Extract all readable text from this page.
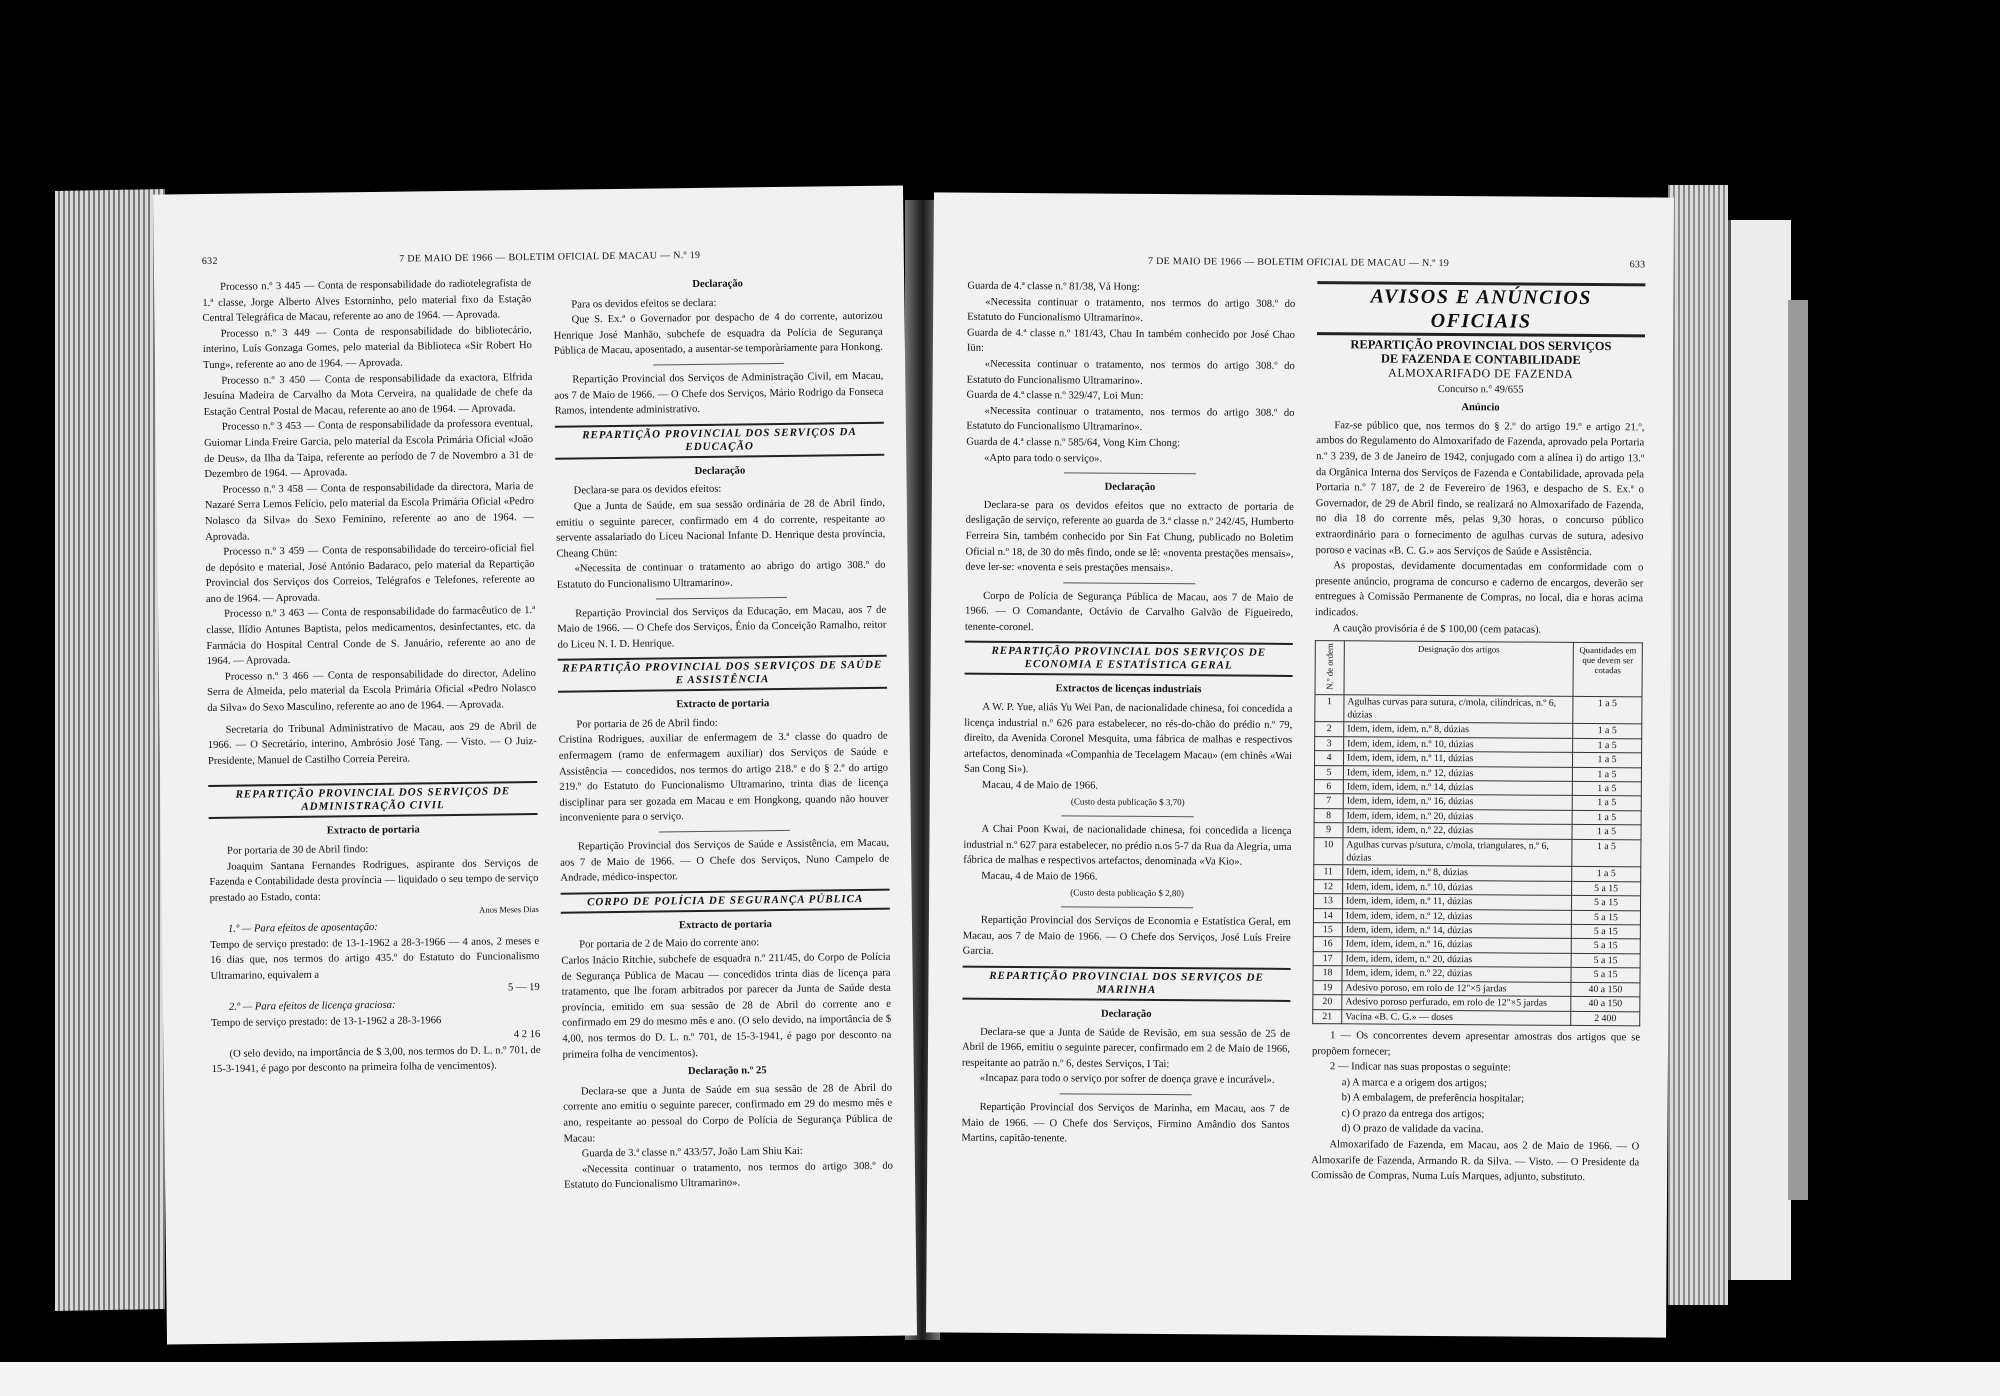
632	7 DE MAIO DE 1966 — BOLETIM OFICIAL DE MACAU — N.º 19

Processo n.º 3 445 — Conta de responsabilidade do radiotelegrafista de 1.ª classe, Jorge Alberto Alves Estorninho, pelo material fixo da Estação Central Telegráfica de Macau, referente ao ano de 1964. — Aprovada.

Processo n.º 3 449 — Conta de responsabilidade do bibliotecário, interino, Luís Gonzaga Gomes, pelo material da Biblioteca «Sir Robert Ho Tung», referente ao ano de 1964. — Aprovada.

Processo n.º 3 450 — Conta de responsabilidade da exactora, Elfrida Jesuína Madeira de Carvalho da Mota Cerveira, na qualidade de chefe da Estação Central Postal de Macau, referente ao ano de 1964. — Aprovada.

Processo n.º 3 453 — Conta de responsabilidade da professora eventual, Guiomar Linda Freire Garcia, pelo material da Escola Primária Oficial «João de Deus», da Ilha da Taipa, referente ao período de 7 de Novembro a 31 de Dezembro de 1964. — Aprovada.

Processo n.º 3 458 — Conta de responsabilidade da directora, Maria de Nazaré Serra Lemos Felício, pelo material da Escola Primária Oficial «Pedro Nolasco da Silva» do Sexo Feminino, referente ao ano de 1964. — Aprovada.

Processo n.º 3 459 — Conta de responsabilidade do terceiro-oficial fiel de depósito e material, José António Badaraco, pelo material da Repartição Provincial dos Serviços dos Correios, Telégrafos e Telefones, referente ao ano de 1964. — Aprovada.

Processo n.º 3 463 — Conta de responsabilidade do farmacêutico de 1.ª classe, Ilídio Antunes Baptista, pelos medicamentos, desinfectantes, etc. da Farmácia do Hospital Central Conde de S. Januário, referente ao ano de 1964. — Aprovada.

Processo n.º 3 466 — Conta de responsabilidade do director, Adelino Serra de Almeida, pelo material da Escola Primária Oficial «Pedro Nolasco da Silva» do Sexo Masculino, referente ao ano de 1964. — Aprovada.

Secretaria do Tribunal Administrativo de Macau, aos 29 de Abril de 1966. — O Secretário, interino, Ambrósio José Tang. — Visto. — O Juiz-Presidente, Manuel de Castilho Correia Pereira.

REPARTIÇÃO PROVINCIAL DOS SERVIÇOS DE ADMINISTRAÇÃO CIVIL
Extracto de portaria

Por portaria de 30 de Abril findo:

Joaquim Santana Fernandes Rodrigues, aspirante dos Serviços de Fazenda e Contabilidade desta província — liquidado o seu tempo de serviço prestado ao Estado, conta:

Anos Meses Dias

1.º — Para efeitos de aposentação:

Tempo de serviço prestado: de 13-1-1962 a 28-3-1966 — 4 anos, 2 meses e 16 dias que, nos termos do artigo 435.º do Estatuto do Funcionalismo Ultramarino, equivalem a

5 — 19

2.º — Para efeitos de licença graciosa:

Tempo de serviço prestado: de 13-1-1962 a 28-3-1966

4 2 16

(O selo devido, na importância de $ 3,00, nos termos do D. L. n.º 701, de 15-3-1941, é pago por desconto na primeira folha de vencimentos).

Declaração

Para os devidos efeitos se declara:

Que S. Ex.ª o Governador por despacho de 4 do corrente, autorizou Henrique José Manhão, subchefe de esquadra da Polícia de Segurança Pública de Macau, aposentado, a ausentar-se temporàriamente para Honkong.

Repartição Provincial dos Serviços de Administração Civil, em Macau, aos 7 de Maio de 1966. — O Chefe dos Serviços, Mário Rodrigo da Fonseca Ramos, intendente administrativo.

REPARTIÇÃO PROVINCIAL DOS SERVIÇOS DA EDUCAÇÃO
Declaração

Declara-se para os devidos efeitos:

Que a Junta de Saúde, em sua sessão ordinária de 28 de Abril findo, emitiu o seguinte parecer, confirmado em 4 do corrente, respeitante ao servente assalariado do Liceu Nacional Infante D. Henrique desta província, Cheang Chün:

«Necessita de continuar o tratamento ao abrigo do artigo 308.º do Estatuto do Funcionalismo Ultramarino».

Repartição Provincial dos Serviços da Educação, em Macau, aos 7 de Maio de 1966. — O Chefe dos Serviços, Énio da Conceição Ramalho, reitor do Liceu N. I. D. Henrique.

REPARTIÇÃO PROVINCIAL DOS SERVIÇOS DE SAÚDE E ASSISTÊNCIA
Extracto de portaria

Por portaria de 26 de Abril findo:

Cristina Rodrigues, auxiliar de enfermagem de 3.ª classe do quadro de enfermagem (ramo de enfermagem auxiliar) dos Serviços de Saúde e Assistência — concedidos, nos termos do artigo 218.º e do § 2.º do artigo 219.º do Estatuto do Funcionalismo Ultramarino, trinta dias de licença disciplinar para ser gozada em Macau e em Hongkong, quando não houver inconveniente para o serviço.

Repartição Provincial dos Serviços de Saúde e Assistência, em Macau, aos 7 de Maio de 1966. — O Chefe dos Serviços, Nuno Campelo de Andrade, médico-inspector.

CORPO DE POLÍCIA DE SEGURANÇA PÚBLICA
Extracto de portaria

Por portaria de 2 de Maio do corrente ano:

Carlos Inácio Ritchie, subchefe de esquadra n.º 211/45, do Corpo de Polícia de Segurança Pública de Macau — concedidos trinta dias de licença para tratamento, que lhe foram arbitrados por parecer da Junta de Saúde desta província, emitido em sua sessão de 28 de Abril do corrente ano e confirmado em 29 do mesmo mês e ano. (O selo devido, na importância de $ 4,00, nos termos do D. L. n.º 701, de 15-3-1941, é pago por desconto na primeira folha de vencimentos).

Declaração n.º 25

Declara-se que a Junta de Saúde em sua sessão de 28 de Abril do corrente ano emitiu o seguinte parecer, confirmado em 29 do mesmo mês e ano, respeitante ao pessoal do Corpo de Polícia de Segurança Pública de Macau:

Guarda de 3.ª classe n.º 433/57, João Lam Shiu Kai:

«Necessita continuar o tratamento, nos termos do artigo 308.º do Estatuto do Funcionalismo Ultramarino».

7 DE MAIO DE 1966 — BOLETIM OFICIAL DE MACAU — N.º 19	633

Guarda de 4.ª classe n.º 81/38, Vá Hong:

«Necessita continuar o tratamento, nos termos do artigo 308.º do Estatuto do Funcionalismo Ultramarino».

Guarda de 4.ª classe n.º 181/43, Chau In também conhecido por José Chao Iün:

«Necessita continuar o tratamento, nos termos do artigo 308.º do Estatuto do Funcionalismo Ultramarino».

Guarda de 4.ª classe n.º 329/47, Loi Mun:

«Necessita continuar o tratamento, nos termos do artigo 308.º do Estatuto do Funcionalismo Ultramarino».

Guarda de 4.ª classe n.º 585/64, Vong Kim Chong:

«Apto para todo o serviço».

Declaração

Declara-se para os devidos efeitos que no extracto de portaria de desligação de serviço, referente ao guarda de 3.ª classe n.º 242/45, Humberto Ferreira Sin, também conhecido por Sin Fat Chung, publicado no Boletim Oficial n.º 18, de 30 do mês findo, onde se lê: «noventa prestações mensais», deve ler-se: «noventa e seis prestações mensais».

Corpo de Polícia de Segurança Pública de Macau, aos 7 de Maio de 1966. — O Comandante, Octávio de Carvalho Galvão de Figueiredo, tenente-coronel.

REPARTIÇÃO PROVINCIAL DOS SERVIÇOS DE ECONOMIA E ESTATÍSTICA GERAL
Extractos de licenças industriais

A W. P. Yue, aliás Yu Wei Pan, de nacionalidade chinesa, foi concedida a licença industrial n.º 626 para estabelecer, no rés-do-chão do prédio n.º 79, direito, da Avenida Coronel Mesquita, uma fábrica de malhas e respectivos artefactos, denominada «Companhia de Tecelagem Macau» (em chinês «Wai San Cong Si»).

Macau, 4 de Maio de 1966.

(Custo desta publicação $ 3,70)

A Chai Poon Kwai, de nacionalidade chinesa, foi concedida a licença industrial n.º 627 para estabelecer, no prédio n.os 5-7 da Rua da Alegria, uma fábrica de malhas e respectivos artefactos, denominada «Va Kio».

Macau, 4 de Maio de 1966.

(Custo desta publicação $ 2,80)

Repartição Provincial dos Serviços de Economia e Estatística Geral, em Macau, aos 7 de Maio de 1966. — O Chefe dos Serviços, José Luís Freire Garcia.

REPARTIÇÃO PROVINCIAL DOS SERVIÇOS DE MARINHA
Declaração

Declara-se que a Junta de Saúde de Revisão, em sua sessão de 25 de Abril de 1966, emitiu o seguinte parecer, confirmado em 2 de Maio de 1966, respeitante ao patrão n.º 6, destes Serviços, I Tai:

«Incapaz para todo o serviço por sofrer de doença grave e incurável».

Repartição Provincial dos Serviços de Marinha, em Macau, aos 7 de Maio de 1966. — O Chefe dos Serviços, Firmino Amândio dos Santos Martins, capitão-tenente.

AVISOS E ANÚNCIOS OFICIAIS
REPARTIÇÃO PROVINCIAL DOS SERVIÇOS
DE FAZENDA E CONTABILIDADE
ALMOXARIFADO DE FAZENDA
Concurso n.º 49/655
Anúncio

Faz-se público que, nos termos do § 2.º do artigo 19.º e artigo 21.º, ambos do Regulamento do Almoxarifado de Fazenda, aprovado pela Portaria n.º 3 239, de 3 de Janeiro de 1942, conjugado com a alínea i) do artigo 13.º da Orgânica Interna dos Serviços de Fazenda e Contabilidade, aprovada pela Portaria n.º 7 187, de 2 de Fevereiro de 1963, e despacho de S. Ex.ª o Governador, de 29 de Abril findo, se realizará no Almoxarifado de Fazenda, no dia 18 do corrente mês, pelas 9,30 horas, o concurso público extraordinário para o fornecimento de agulhas curvas de sutura, adesivo poroso e vacinas «B. C. G.» aos Serviços de Saúde e Assistência.

As propostas, devidamente documentadas em conformidade com o presente anúncio, programa de concurso e caderno de encargos, deverão ser entregues à Comissão Permanente de Compras, no local, dia e horas acima indicados.

A caução provisória é de $ 100,00 (cem patacas).

N.º de ordem	Designação dos artigos	Quantidades em que devem ser cotadas
1	Agulhas curvas para sutura, c/mola, cilíndricas, n.º 6, dúzias	1 a 5
2	Idem, idem, idem, n.º 8, dúzias	1 a 5
3	Idem, idem, idem, n.º 10, dúzias	1 a 5
4	Idem, idem, idem, n.º 11, dúzias	1 a 5
5	Idem, idem, idem, n.º 12, dúzias	1 a 5
6	Idem, idem, idem, n.º 14, dúzias	1 a 5
7	Idem, idem, idem, n.º 16, dúzias	1 a 5
8	Idem, idem, idem, n.º 20, dúzias	1 a 5
9	Idem, idem, idem, n.º 22, dúzias	1 a 5
10	Agulhas curvas p/sutura, c/mola, triangulares, n.º 6, dúzias	1 a 5
11	Idem, idem, idem, n.º 8, dúzias	1 a 5
12	Idem, idem, idem, n.º 10, dúzias	5 a 15
13	Idem, idem, idem, n.º 11, dúzias	5 a 15
14	Idem, idem, idem, n.º 12, dúzias	5 a 15
15	Idem, idem, idem, n.º 14, dúzias	5 a 15
16	Idem, idem, idem, n.º 16, dúzias	5 a 15
17	Idem, idem, idem, n.º 20, dúzias	5 a 15
18	Idem, idem, idem, n.º 22, dúzias	5 a 15
19	Adesivo poroso, em rolo de 12"×5 jardas	40 a 150
20	Adesivo poroso perfurado, em rolo de 12"×5 jardas	40 a 150
21	Vacina «B. C. G.» — doses	2 400

1 — Os concorrentes devem apresentar amostras dos artigos que se propõem fornecer;

2 — Indicar nas suas propostas o seguinte:

a) A marca e a origem dos artigos;

b) A embalagem, de preferência hospitalar;

c) O prazo da entrega dos artigos;

d) O prazo de validade da vacina.

Almoxarifado de Fazenda, em Macau, aos 2 de Maio de 1966. — O Almoxarife de Fazenda, Armando R. da Silva. — Visto. — O Presidente da Comissão de Compras, Numa Luís Marques, adjunto, substituto.
